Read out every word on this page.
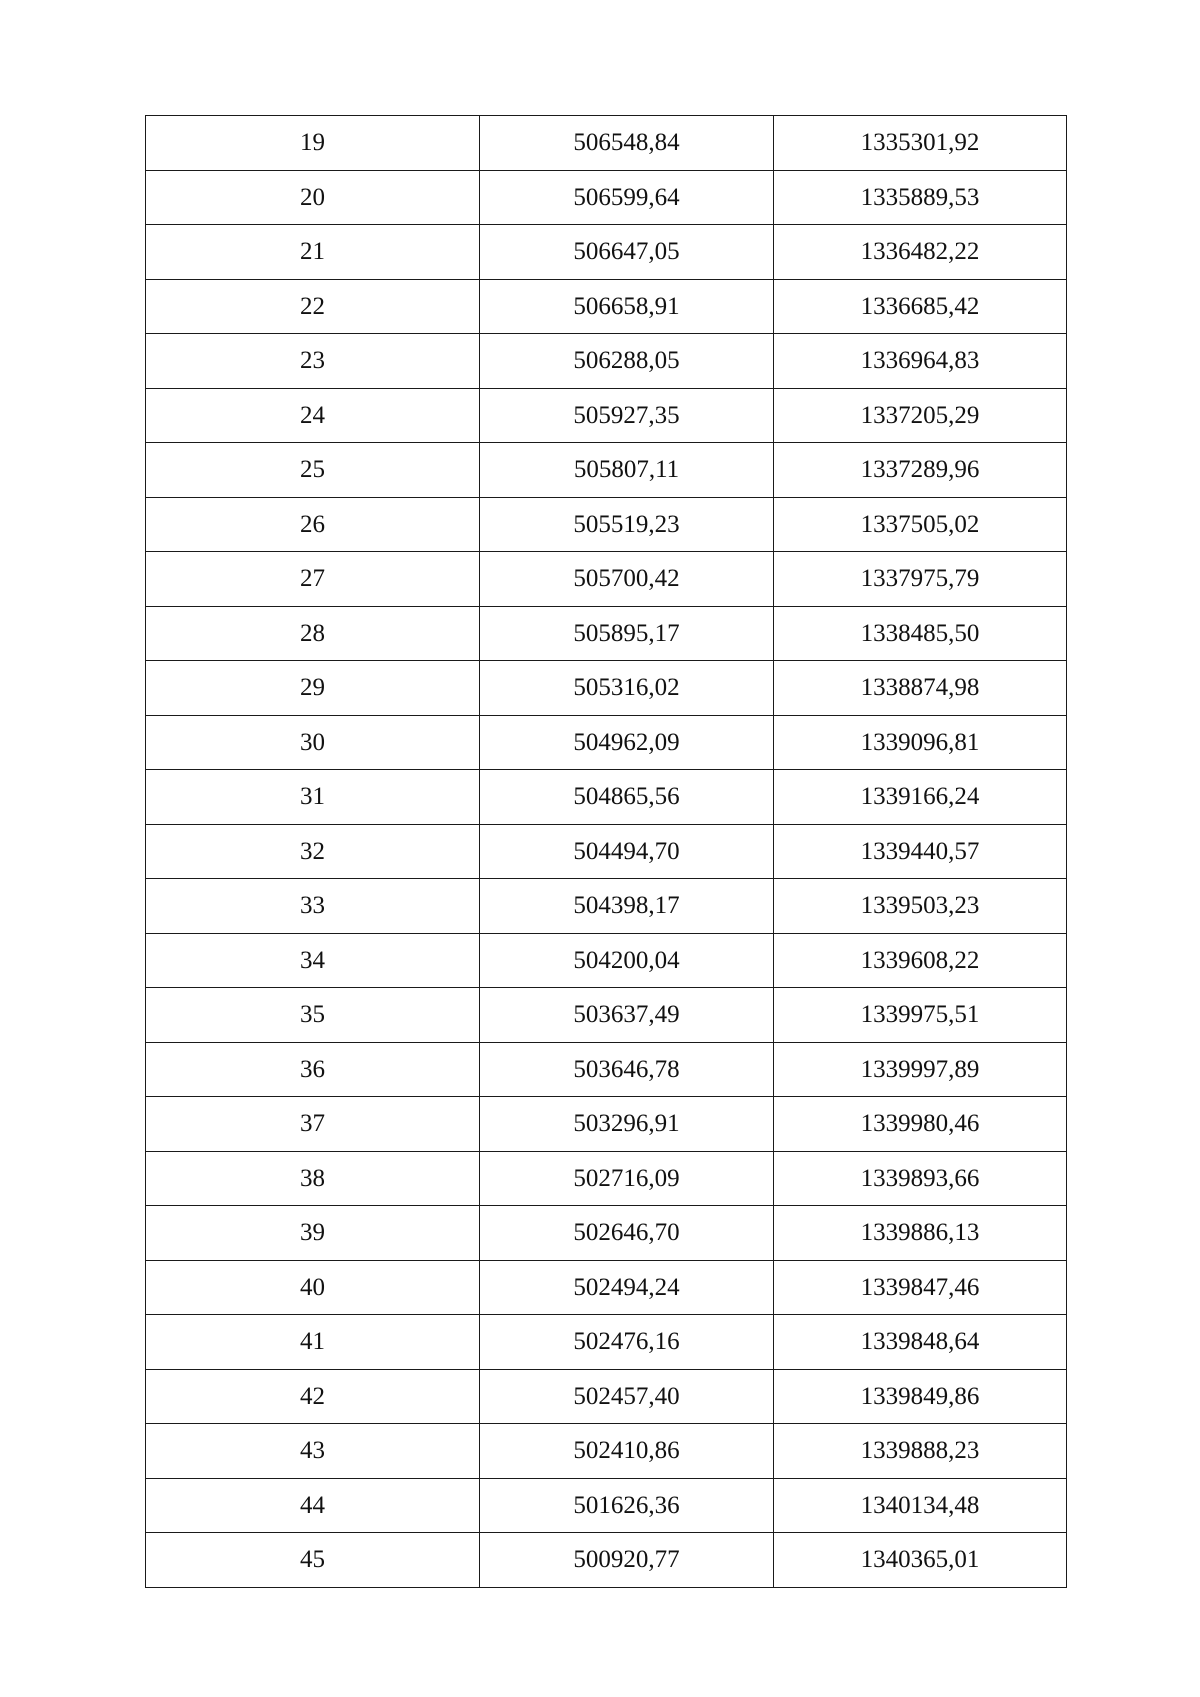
19	506548,84	1335301,92
20	506599,64	1335889,53
21	506647,05	1336482,22
22	506658,91	1336685,42
23	506288,05	1336964,83
24	505927,35	1337205,29
25	505807,11	1337289,96
26	505519,23	1337505,02
27	505700,42	1337975,79
28	505895,17	1338485,50
29	505316,02	1338874,98
30	504962,09	1339096,81
31	504865,56	1339166,24
32	504494,70	1339440,57
33	504398,17	1339503,23
34	504200,04	1339608,22
35	503637,49	1339975,51
36	503646,78	1339997,89
37	503296,91	1339980,46
38	502716,09	1339893,66
39	502646,70	1339886,13
40	502494,24	1339847,46
41	502476,16	1339848,64
42	502457,40	1339849,86
43	502410,86	1339888,23
44	501626,36	1340134,48
45	500920,77	1340365,01
